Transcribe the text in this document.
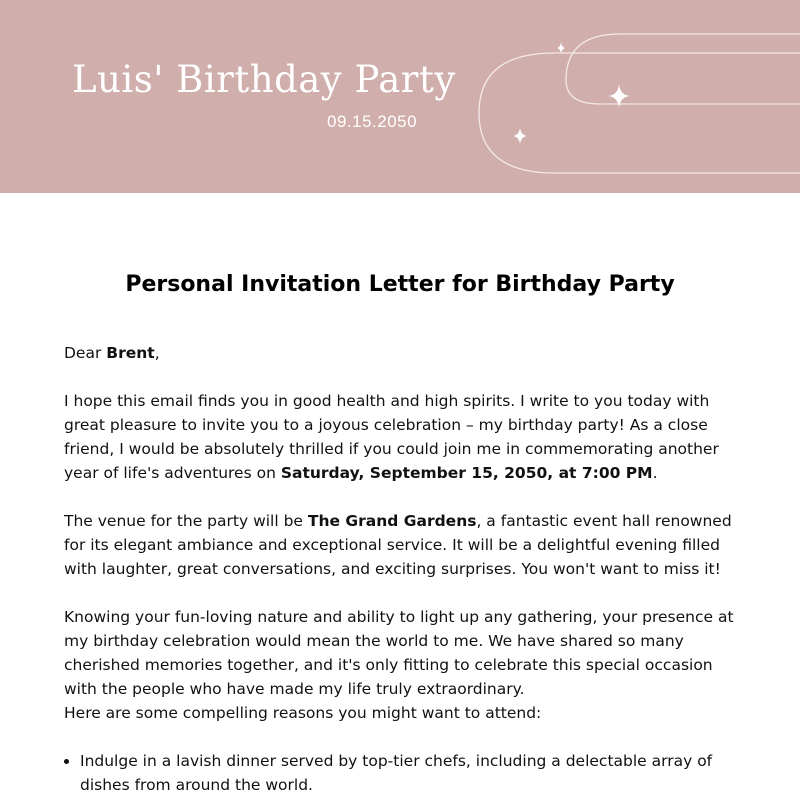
Luis' Birthday Party
09.15.2050
Personal Invitation Letter for Birthday Party

Dear Brent,

I hope this email finds you in good health and high spirits. I write to you today with great pleasure to invite you to a joyous celebration – my birthday party! As a close friend, I would be absolutely thrilled if you could join me in commemorating another year of life's adventures on Saturday, September 15, 2050, at 7:00 PM.

The venue for the party will be The Grand Gardens, a fantastic event hall renowned for its elegant ambiance and exceptional service. It will be a delightful evening filled with laughter, great conversations, and exciting surprises. You won't want to miss it!

Knowing your fun-loving nature and ability to light up any gathering, your presence at my birthday celebration would mean the world to me. We have shared so many cherished memories together, and it's only fitting to celebrate this special occasion with the people who have made my life truly extraordinary.

Here are some compelling reasons you might want to attend:

• Indulge in a lavish dinner served by top-tier chefs, including a delectable array of dishes from around the world.
